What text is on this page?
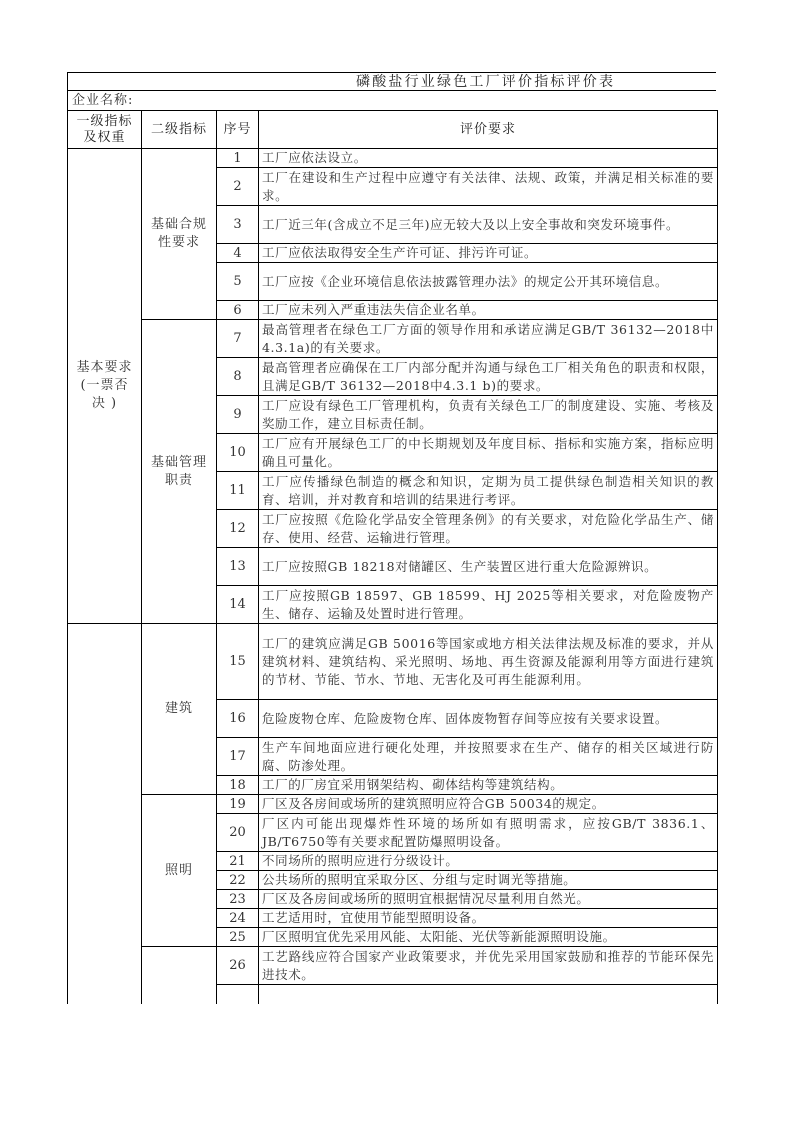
磷酸盐行业绿色工厂评价指标评价表
企业名称:
一级指标及权重	二级指标	序号	评价要求
基本要求(一票否决 )	基础合规性要求	1	工厂应依法设立。
		2	工厂在建设和生产过程中应遵守有关法律、法规、政策，并满足相关标准的要求。
		3	工厂近三年(含成立不足三年)应无较大及以上安全事故和突发环境事件。
		4	工厂应依法取得安全生产许可证、排污许可证。
		5	工厂应按《企业环境信息依法披露管理办法》的规定公开其环境信息。
		6	工厂应未列入严重违法失信企业名单。
	基础管理职责	7	最高管理者在绿色工厂方面的领导作用和承诺应满足GB/T 36132—2018中4.3.1a)的有关要求。
		8	最高管理者应确保在工厂内部分配并沟通与绿色工厂相关角色的职责和权限，且满足GB/T 36132—2018中4.3.1 b)的要求。
		9	工厂应设有绿色工厂管理机构，负责有关绿色工厂的制度建设、实施、考核及奖励工作，建立目标责任制。
		10	工厂应有开展绿色工厂的中长期规划及年度目标、指标和实施方案，指标应明确且可量化。
		11	工厂应传播绿色制造的概念和知识，定期为员工提供绿色制造相关知识的教育、培训，并对教育和培训的结果进行考评。
		12	工厂应按照《危险化学品安全管理条例》的有关要求，对危险化学品生产、储存、使用、经营、运输进行管理。
		13	工厂应按照GB 18218对储罐区、生产装置区进行重大危险源辨识。
		14	工厂应按照GB 18597、GB 18599、HJ 2025等相关要求，对危险废物产生、储存、运输及处置时进行管理。
	建筑	15	工厂的建筑应满足GB 50016等国家或地方相关法律法规及标准的要求，并从建筑材料、建筑结构、采光照明、场地、再生资源及能源利用等方面进行建筑的节材、节能、节水、节地、无害化及可再生能源利用。
		16	危险废物仓库、危险废物仓库、固体废物暂存间等应按有关要求设置。
		17	生产车间地面应进行硬化处理，并按照要求在生产、储存的相关区域进行防腐、防渗处理。
		18	工厂的厂房宜采用钢架结构、砌体结构等建筑结构。
	照明	19	厂区及各房间或场所的建筑照明应符合GB 50034的规定。
		20	厂区内可能出现爆炸性环境的场所如有照明需求，应按GB/T 3836.1、JB/T6750等有关要求配置防爆照明设备。
		21	不同场所的照明应进行分级设计。
		22	公共场所的照明宜采取分区、分组与定时调光等措施。
		23	厂区及各房间或场所的照明宜根据情况尽量利用自然光。
		24	工艺适用时，宜使用节能型照明设备。
		25	厂区照明宜优先采用风能、太阳能、光伏等新能源照明设施。
		26	工艺路线应符合国家产业政策要求，并优先采用国家鼓励和推荐的节能环保先进技术。
